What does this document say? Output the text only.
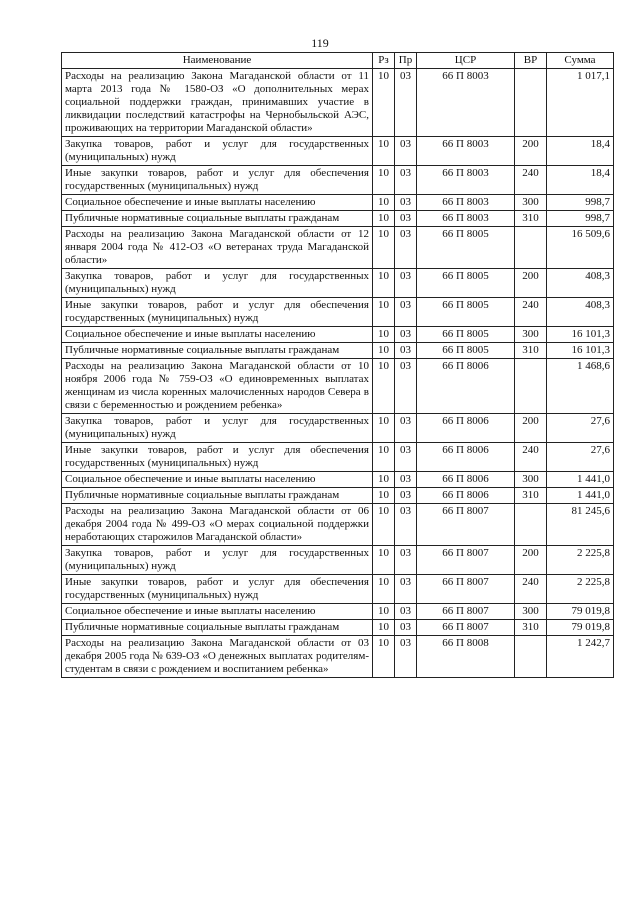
119
Наименование	Рз	Пр	ЦСР	ВР	Сумма
Расходы на реализацию Закона Магаданской области от 11 марта 2013 года № 1580-ОЗ «О дополнительных мерах социальной поддержки граждан, принимавших участие в ликвидации последствий катастрофы на Чернобыльской АЭС, проживающих на территории Магаданской области»	10	03	66 П 8003		1 017,1
Закупка товаров, работ и услуг для государственных (муниципальных) нужд	10	03	66 П 8003	200	18,4
Иные закупки товаров, работ и услуг для обеспечения государственных (муниципальных) нужд	10	03	66 П 8003	240	18,4
Социальное обеспечение и иные выплаты населению	10	03	66 П 8003	300	998,7
Публичные нормативные социальные выплаты гражданам	10	03	66 П 8003	310	998,7
Расходы на реализацию Закона Магаданской области от 12 января 2004 года № 412-ОЗ «О ветеранах труда Магаданской области»	10	03	66 П 8005		16 509,6
Закупка товаров, работ и услуг для государственных (муниципальных) нужд	10	03	66 П 8005	200	408,3
Иные закупки товаров, работ и услуг для обеспечения государственных (муниципальных) нужд	10	03	66 П 8005	240	408,3
Социальное обеспечение и иные выплаты населению	10	03	66 П 8005	300	16 101,3
Публичные нормативные социальные выплаты гражданам	10	03	66 П 8005	310	16 101,3
Расходы на реализацию Закона Магаданской области от 10 ноября 2006 года № 759-ОЗ «О единовременных выплатах женщинам из числа коренных малочисленных народов Севера в связи с беременностью и рождением ребенка»	10	03	66 П 8006		1 468,6
Закупка товаров, работ и услуг для государственных (муниципальных) нужд	10	03	66 П 8006	200	27,6
Иные закупки товаров, работ и услуг для обеспечения государственных (муниципальных) нужд	10	03	66 П 8006	240	27,6
Социальное обеспечение и иные выплаты населению	10	03	66 П 8006	300	1 441,0
Публичные нормативные социальные выплаты гражданам	10	03	66 П 8006	310	1 441,0
Расходы на реализацию Закона Магаданской области от 06 декабря 2004 года № 499-ОЗ «О мерах социальной поддержки неработающих старожилов Магаданской области»	10	03	66 П 8007		81 245,6
Закупка товаров, работ и услуг для государственных (муниципальных) нужд	10	03	66 П 8007	200	2 225,8
Иные закупки товаров, работ и услуг для обеспечения государственных (муниципальных) нужд	10	03	66 П 8007	240	2 225,8
Социальное обеспечение и иные выплаты населению	10	03	66 П 8007	300	79 019,8
Публичные нормативные социальные выплаты гражданам	10	03	66 П 8007	310	79 019,8
Расходы на реализацию Закона Магаданской области от 03 декабря 2005 года № 639-ОЗ «О денежных выплатах родителям-студентам в связи с рождением и воспитанием ребенка»	10	03	66 П 8008		1 242,7
